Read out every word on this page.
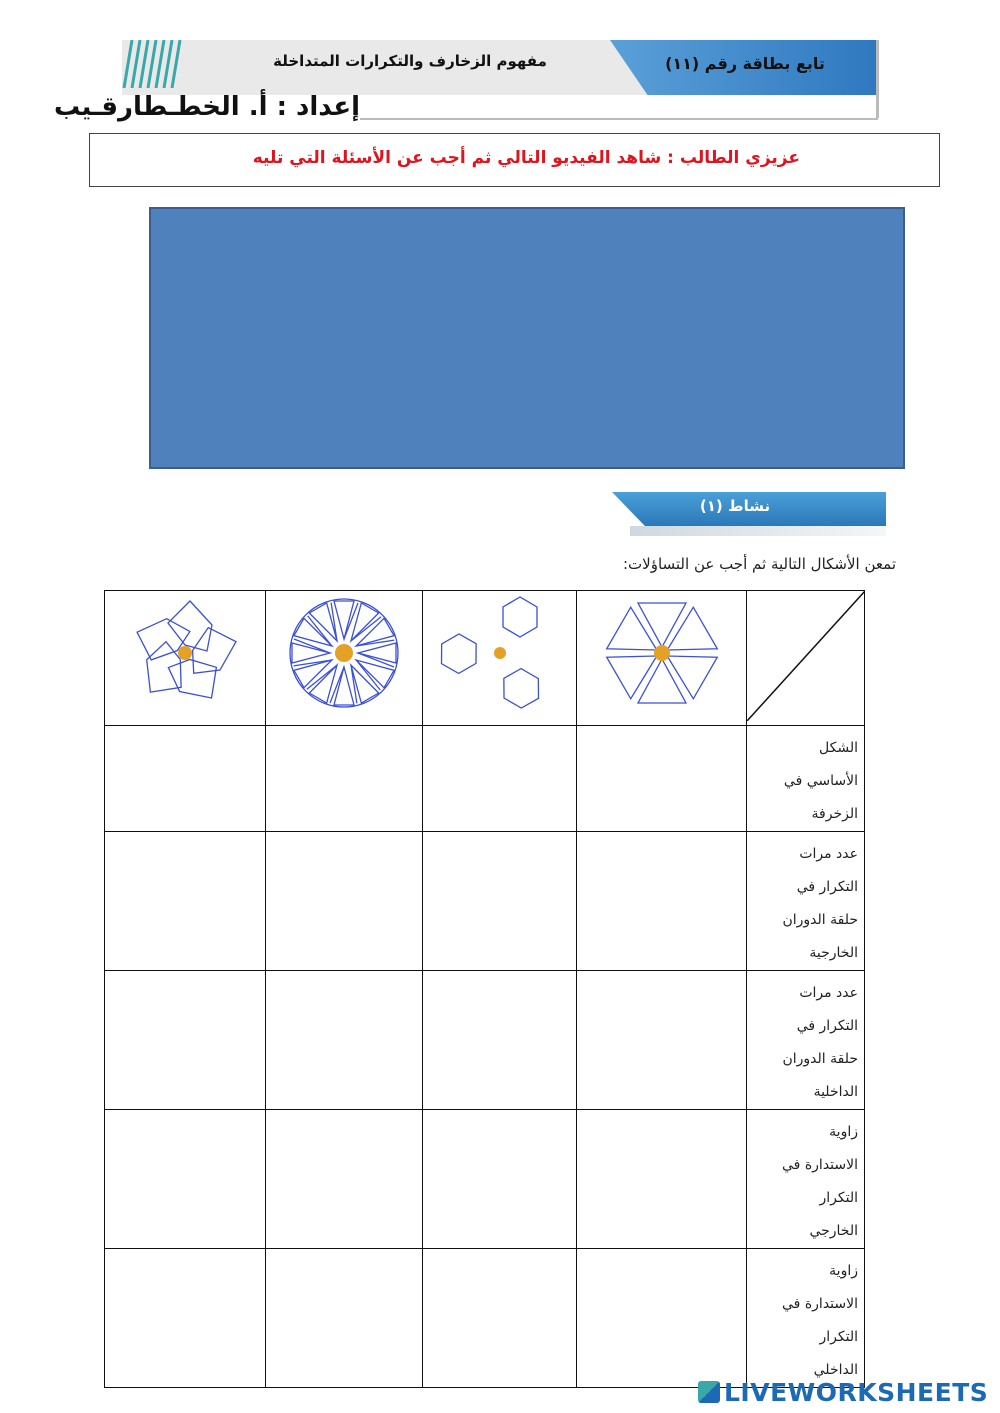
مفهوم الزخارف والتكرارات المتداخلة	تابع بطاقة رقم (١١)
إعداد : أ. الخطـطارقـيب
عزيزي الطالب : شاهد الفيديو التالي ثم أجب عن الأسئلة التي تليه
نشاط (١)
تمعن الأشكال التالية ثم أجب عن التساؤلات:

				الشكل
الأساسي في
الزخرفة

				عدد مرات
التكرار في
حلقة الدوران
الخارجية

				عدد مرات
التكرار في
حلقة الدوران
الداخلية

				زاوية
الاستدارة في
التكرار
الخارجي

				زاوية
الاستدارة في
التكرار
الداخلي
LIVEWORKSHEETS
